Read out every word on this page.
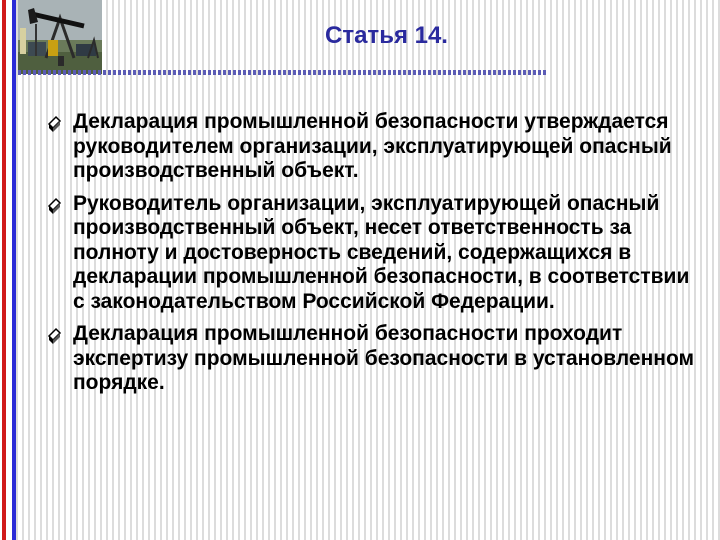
Статья 14.
Декларация промышленной безопасности утверждается руководителем организации, эксплуатирующей опасный производственный объект.
Руководитель организации, эксплуатирующей опасный производственный объект, несет ответственность за полноту и достоверность сведений, содержащихся в декларации промышленной безопасности, в соответствии с законодательством Российской Федерации.
Декларация промышленной безопасности проходит экспертизу промышленной безопасности в установленном порядке.
